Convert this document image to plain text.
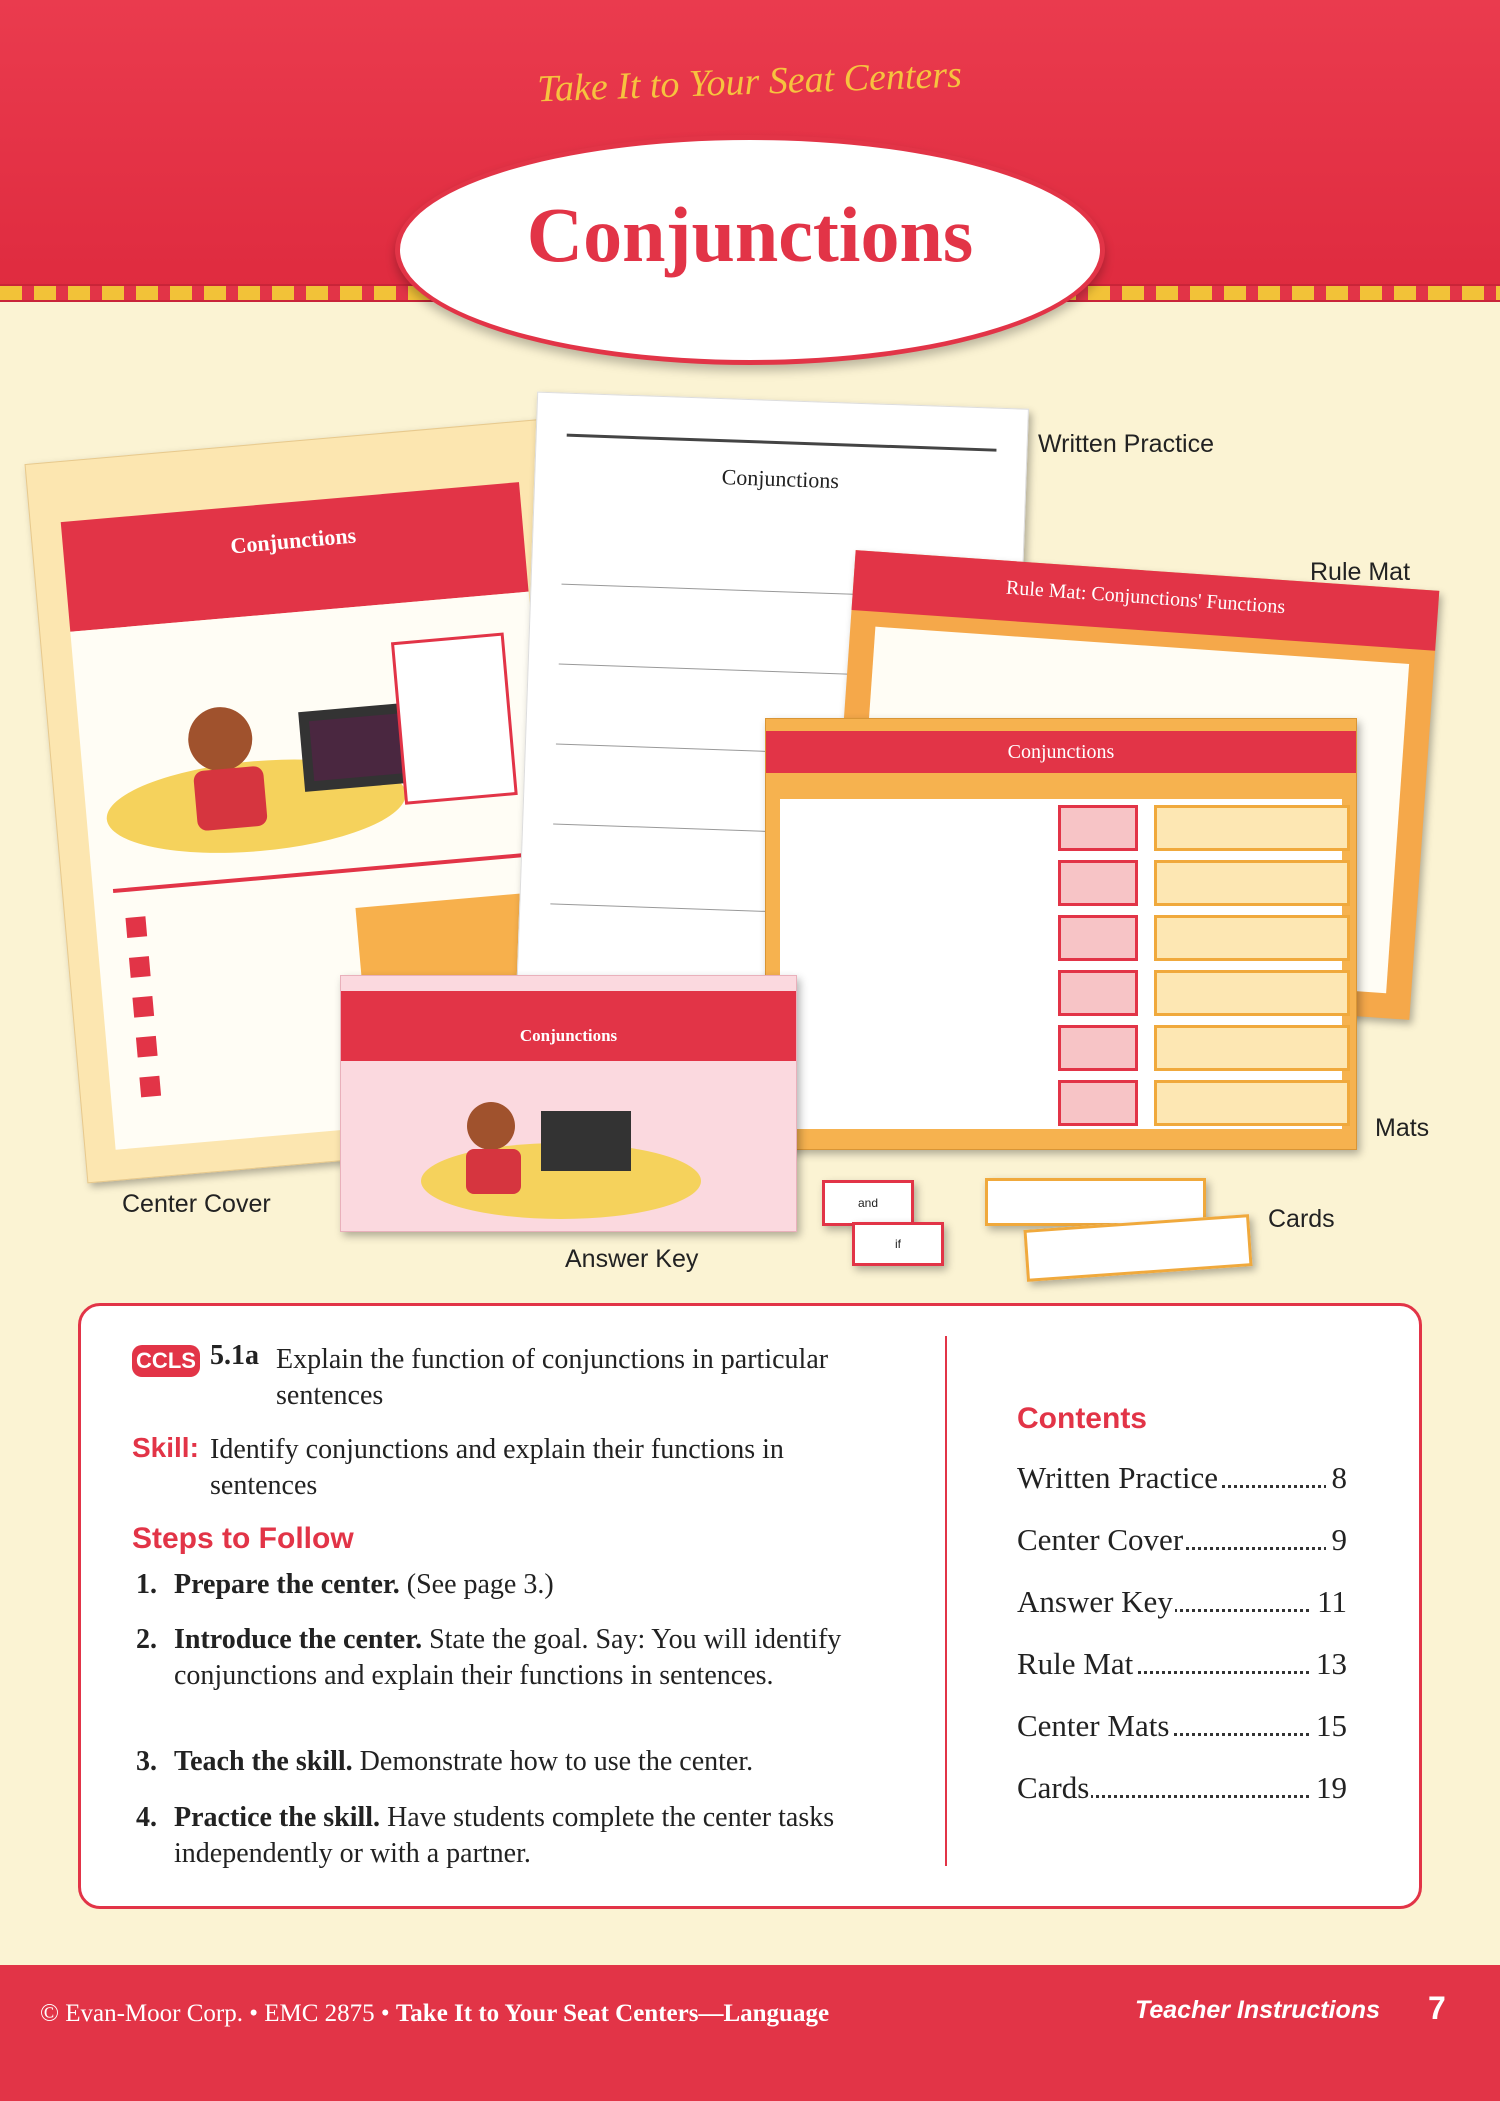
Take It to Your Seat Centers
Conjunctions
Conjunctions
Conjunctions
Rule Mat: Conjunctions' Functions
Conjunctions
Conjunctions
and
if
Written Practice
Rule Mat
Mats
Center Cover
Answer Key
Cards
CCLS 5.1a Explain the function of conjunctions in particular sentences
Skill: Identify conjunctions and explain their functions in sentences
Steps to Follow
1. Prepare the center. (See page 3.)
2. Introduce the center. State the goal. Say: You will identify conjunctions and explain their functions in sentences.
3. Teach the skill. Demonstrate how to use the center.
4. Practice the skill. Have students complete the center tasks independently or with a partner.
Contents
Written Practice	8
Center Cover	9
Answer Key	11
Rule Mat	13
Center Mats	15
Cards	19
© Evan-Moor Corp. • EMC 2875 • Take It to Your Seat Centers—Language	Teacher Instructions 7
